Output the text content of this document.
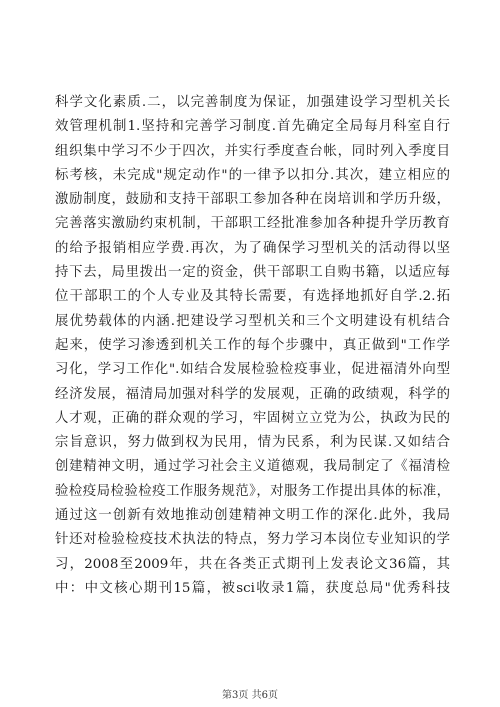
科学文化素质.二，以完善制度为保证，加强建设学习型机关长
效管理机制1.坚持和完善学习制度.首先确定全局每月科室自行
组织集中学习不少于四次，并实行季度查台帐，同时列入季度目
标考核，未完成"规定动作"的一律予以扣分.其次，建立相应的
激励制度，鼓励和支持干部职工参加各种在岗培训和学历升级，
完善落实激励约束机制，干部职工经批准参加各种提升学历教育
的给予报销相应学费.再次，为了确保学习型机关的活动得以坚
持下去，局里拨出一定的资金，供干部职工自购书籍，以适应每
位干部职工的个人专业及其特长需要，有选择地抓好自学.2.拓
展优势载体的内涵.把建设学习型机关和三个文明建设有机结合
起来，使学习渗透到机关工作的每个步骤中，真正做到"工作学
习化，学习工作化".如结合发展检验检疫事业，促进福清外向型
经济发展，福清局加强对科学的发展观，正确的政绩观，科学的
人才观，正确的群众观的学习，牢固树立立党为公，执政为民的
宗旨意识，努力做到权为民用，情为民系，利为民谋.又如结合
创建精神文明，通过学习社会主义道德观，我局制定了《福清检
验检疫局检验检疫工作服务规范》，对服务工作提出具体的标准，
通过这一创新有效地推动创建精神文明工作的深化.此外，我局
针还对检验检疫技术执法的特点，努力学习本岗位专业知识的学
习，2008至2009年，共在各类正式期刊上发表论文36篇，其
中：中文核心期刊15篇，被sci收录1篇，获度总局"优秀科技
第3页 共6页
